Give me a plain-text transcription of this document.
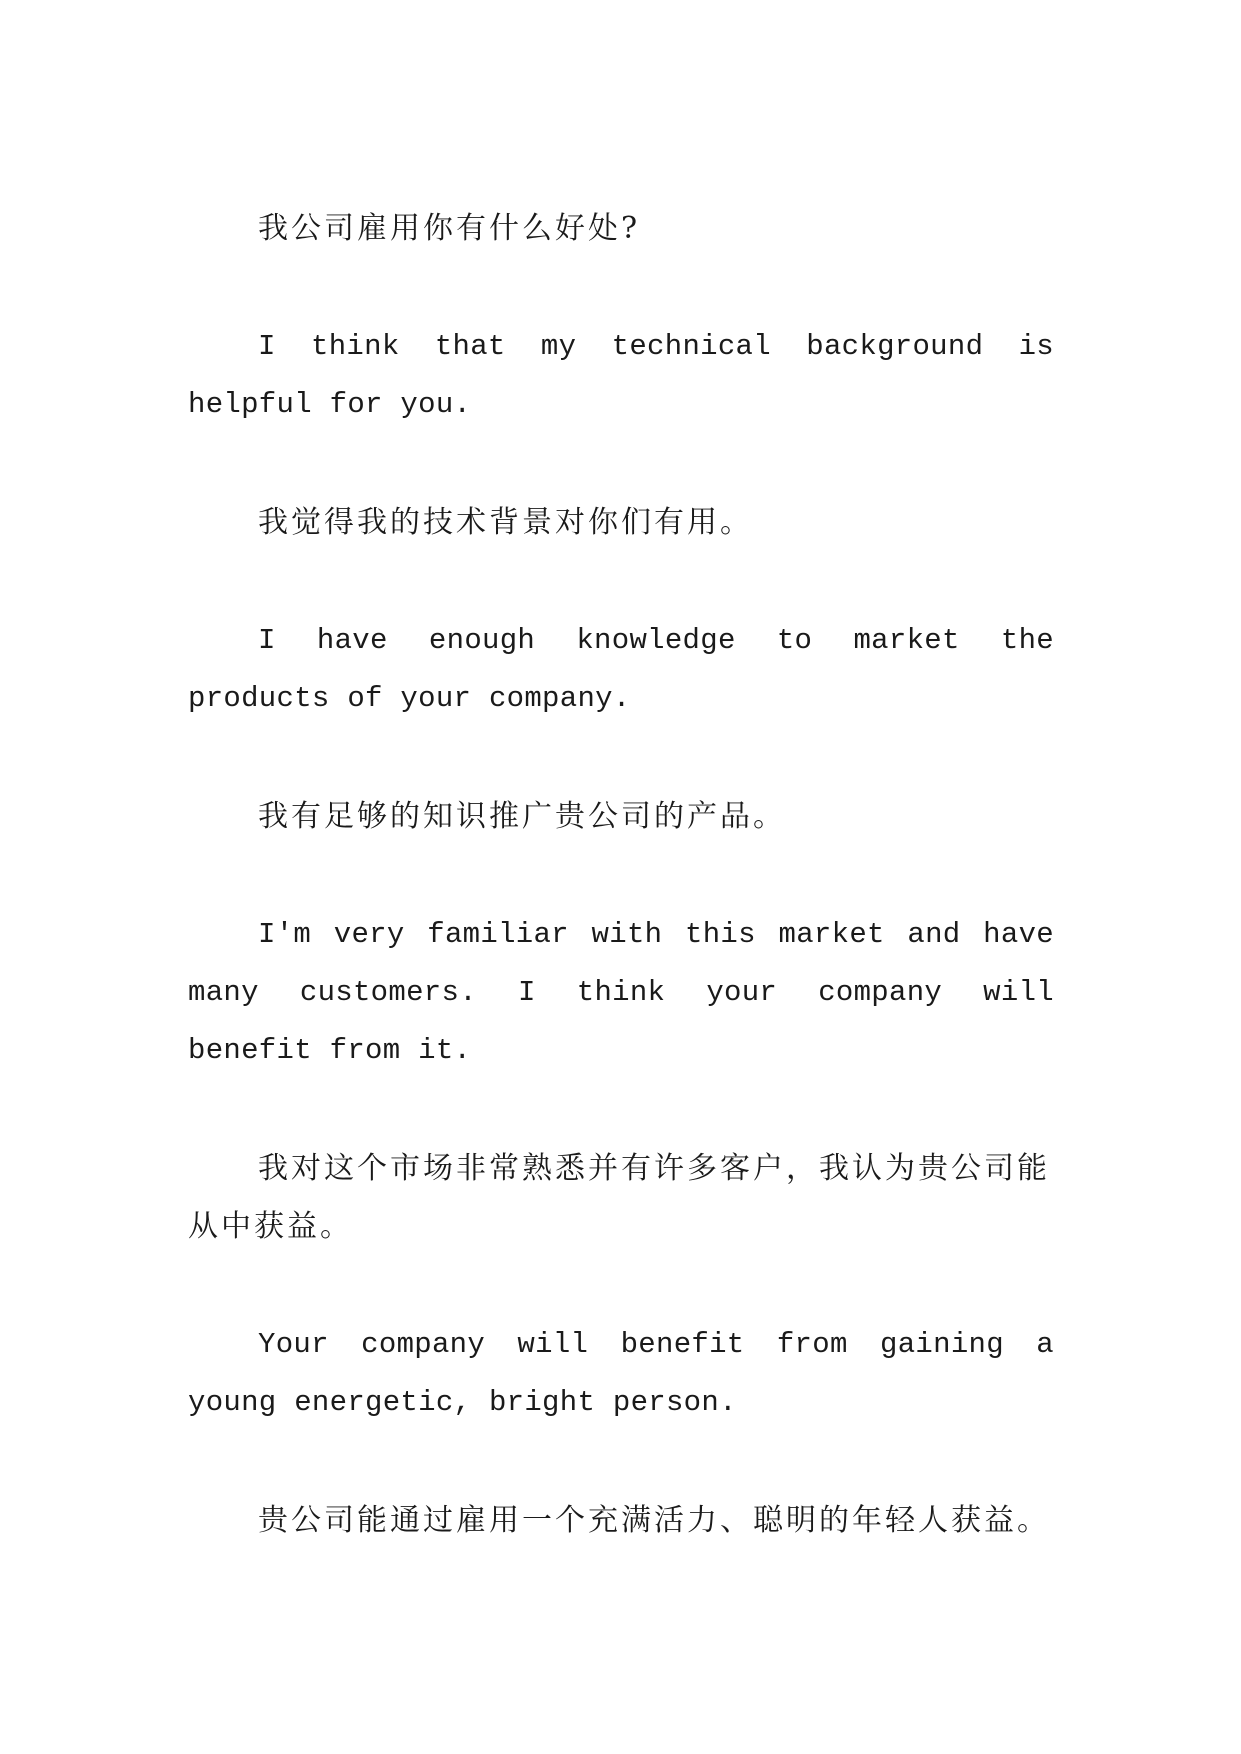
我公司雇用你有什么好处?

I think that my technical background is helpful for you.

我觉得我的技术背景对你们有用。

I have enough knowledge to market the products of your company.

我有足够的知识推广贵公司的产品。

I'm very familiar with this market and have many customers. I think your company will benefit from it.

我对这个市场非常熟悉并有许多客户，我认为贵公司能从中获益。

Your company will benefit from gaining a young energetic, bright person.

贵公司能通过雇用一个充满活力、聪明的年轻人获益。
